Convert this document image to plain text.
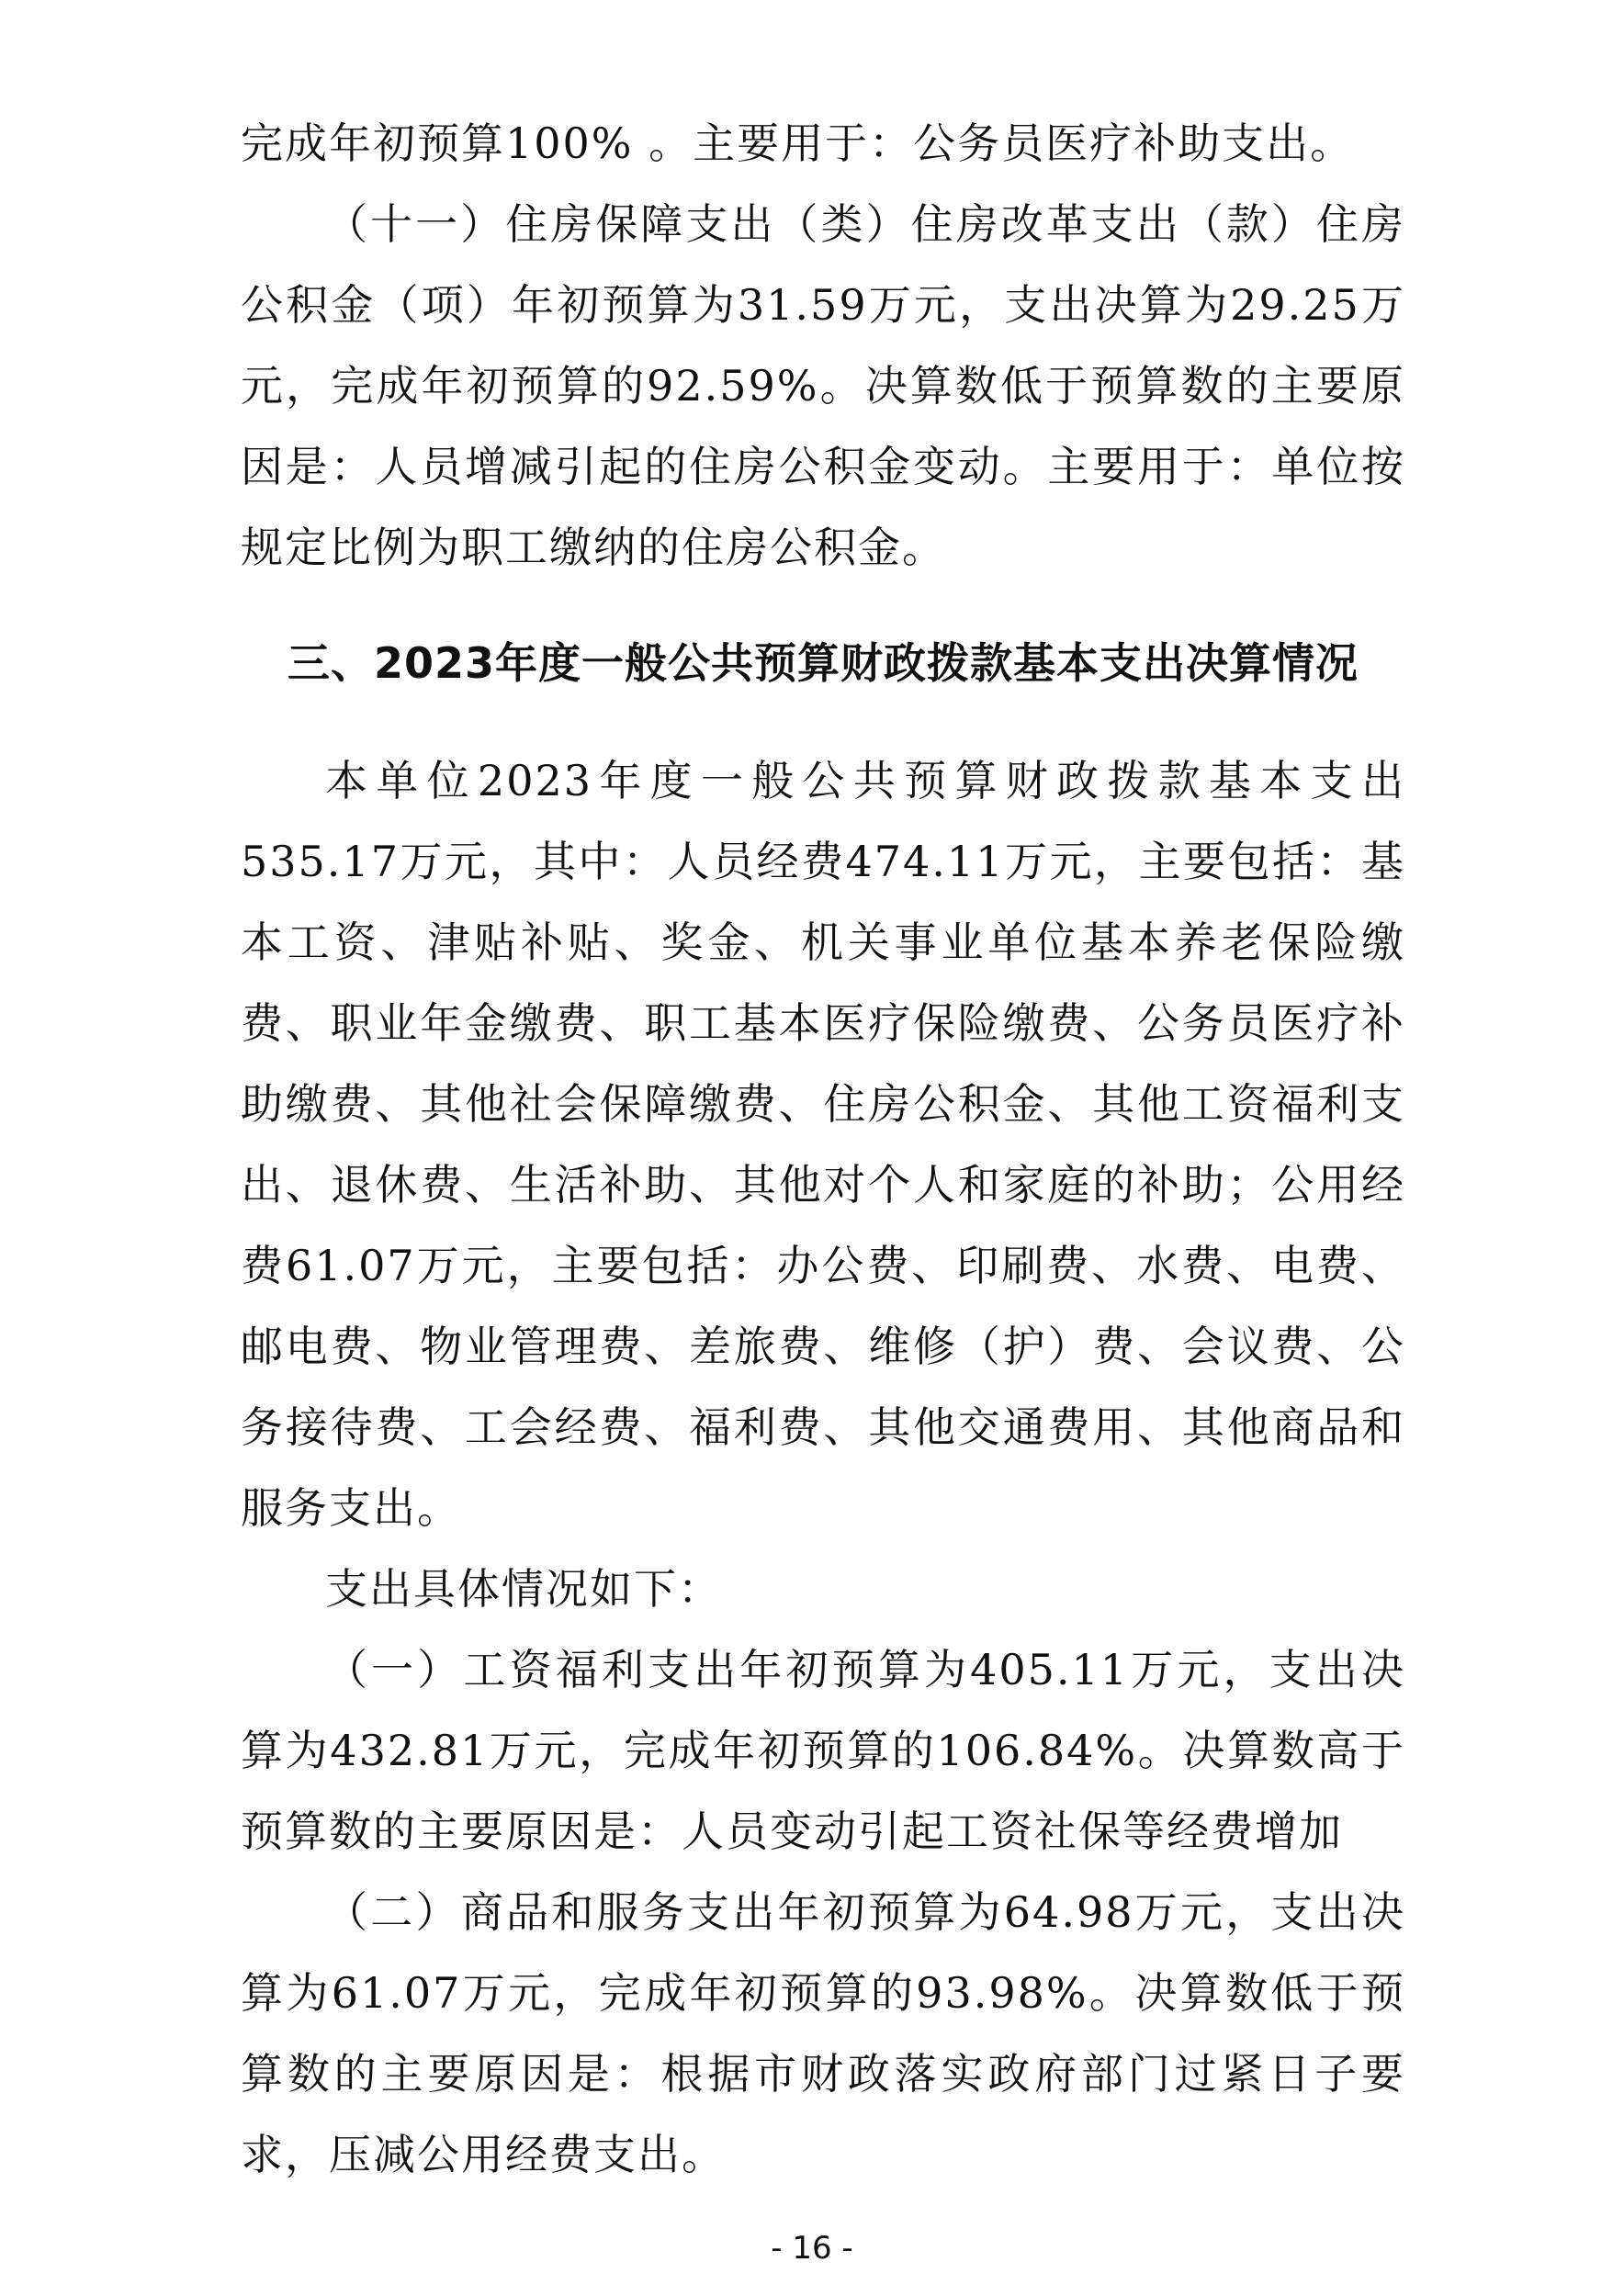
完成年初预算100% 。主要用于：公务员医疗补助支出。

（十一）住房保障支出（类）住房改革支出（款）住房公积金（项）年初预算为31.59万元，支出决算为29.25万元，完成年初预算的92.59%。决算数低于预算数的主要原因是：人员增减引起的住房公积金变动。主要用于：单位按规定比例为职工缴纳的住房公积金。

三、2023年度一般公共预算财政拨款基本支出决算情况

本单位2023年度一般公共预算财政拨款基本支出535.17万元，其中：人员经费474.11万元，主要包括：基本工资、津贴补贴、奖金、机关事业单位基本养老保险缴费、职业年金缴费、职工基本医疗保险缴费、公务员医疗补助缴费、其他社会保障缴费、住房公积金、其他工资福利支出、退休费、生活补助、其他对个人和家庭的补助；公用经费61.07万元，主要包括：办公费、印刷费、水费、电费、邮电费、物业管理费、差旅费、维修（护）费、会议费、公务接待费、工会经费、福利费、其他交通费用、其他商品和服务支出。

支出具体情况如下：

（一）工资福利支出年初预算为405.11万元，支出决算为432.81万元，完成年初预算的106.84%。决算数高于预算数的主要原因是：人员变动引起工资社保等经费增加

（二）商品和服务支出年初预算为64.98万元，支出决算为61.07万元，完成年初预算的93.98%。决算数低于预算数的主要原因是：根据市财政落实政府部门过紧日子要求，压减公用经费支出。

- 16 -
